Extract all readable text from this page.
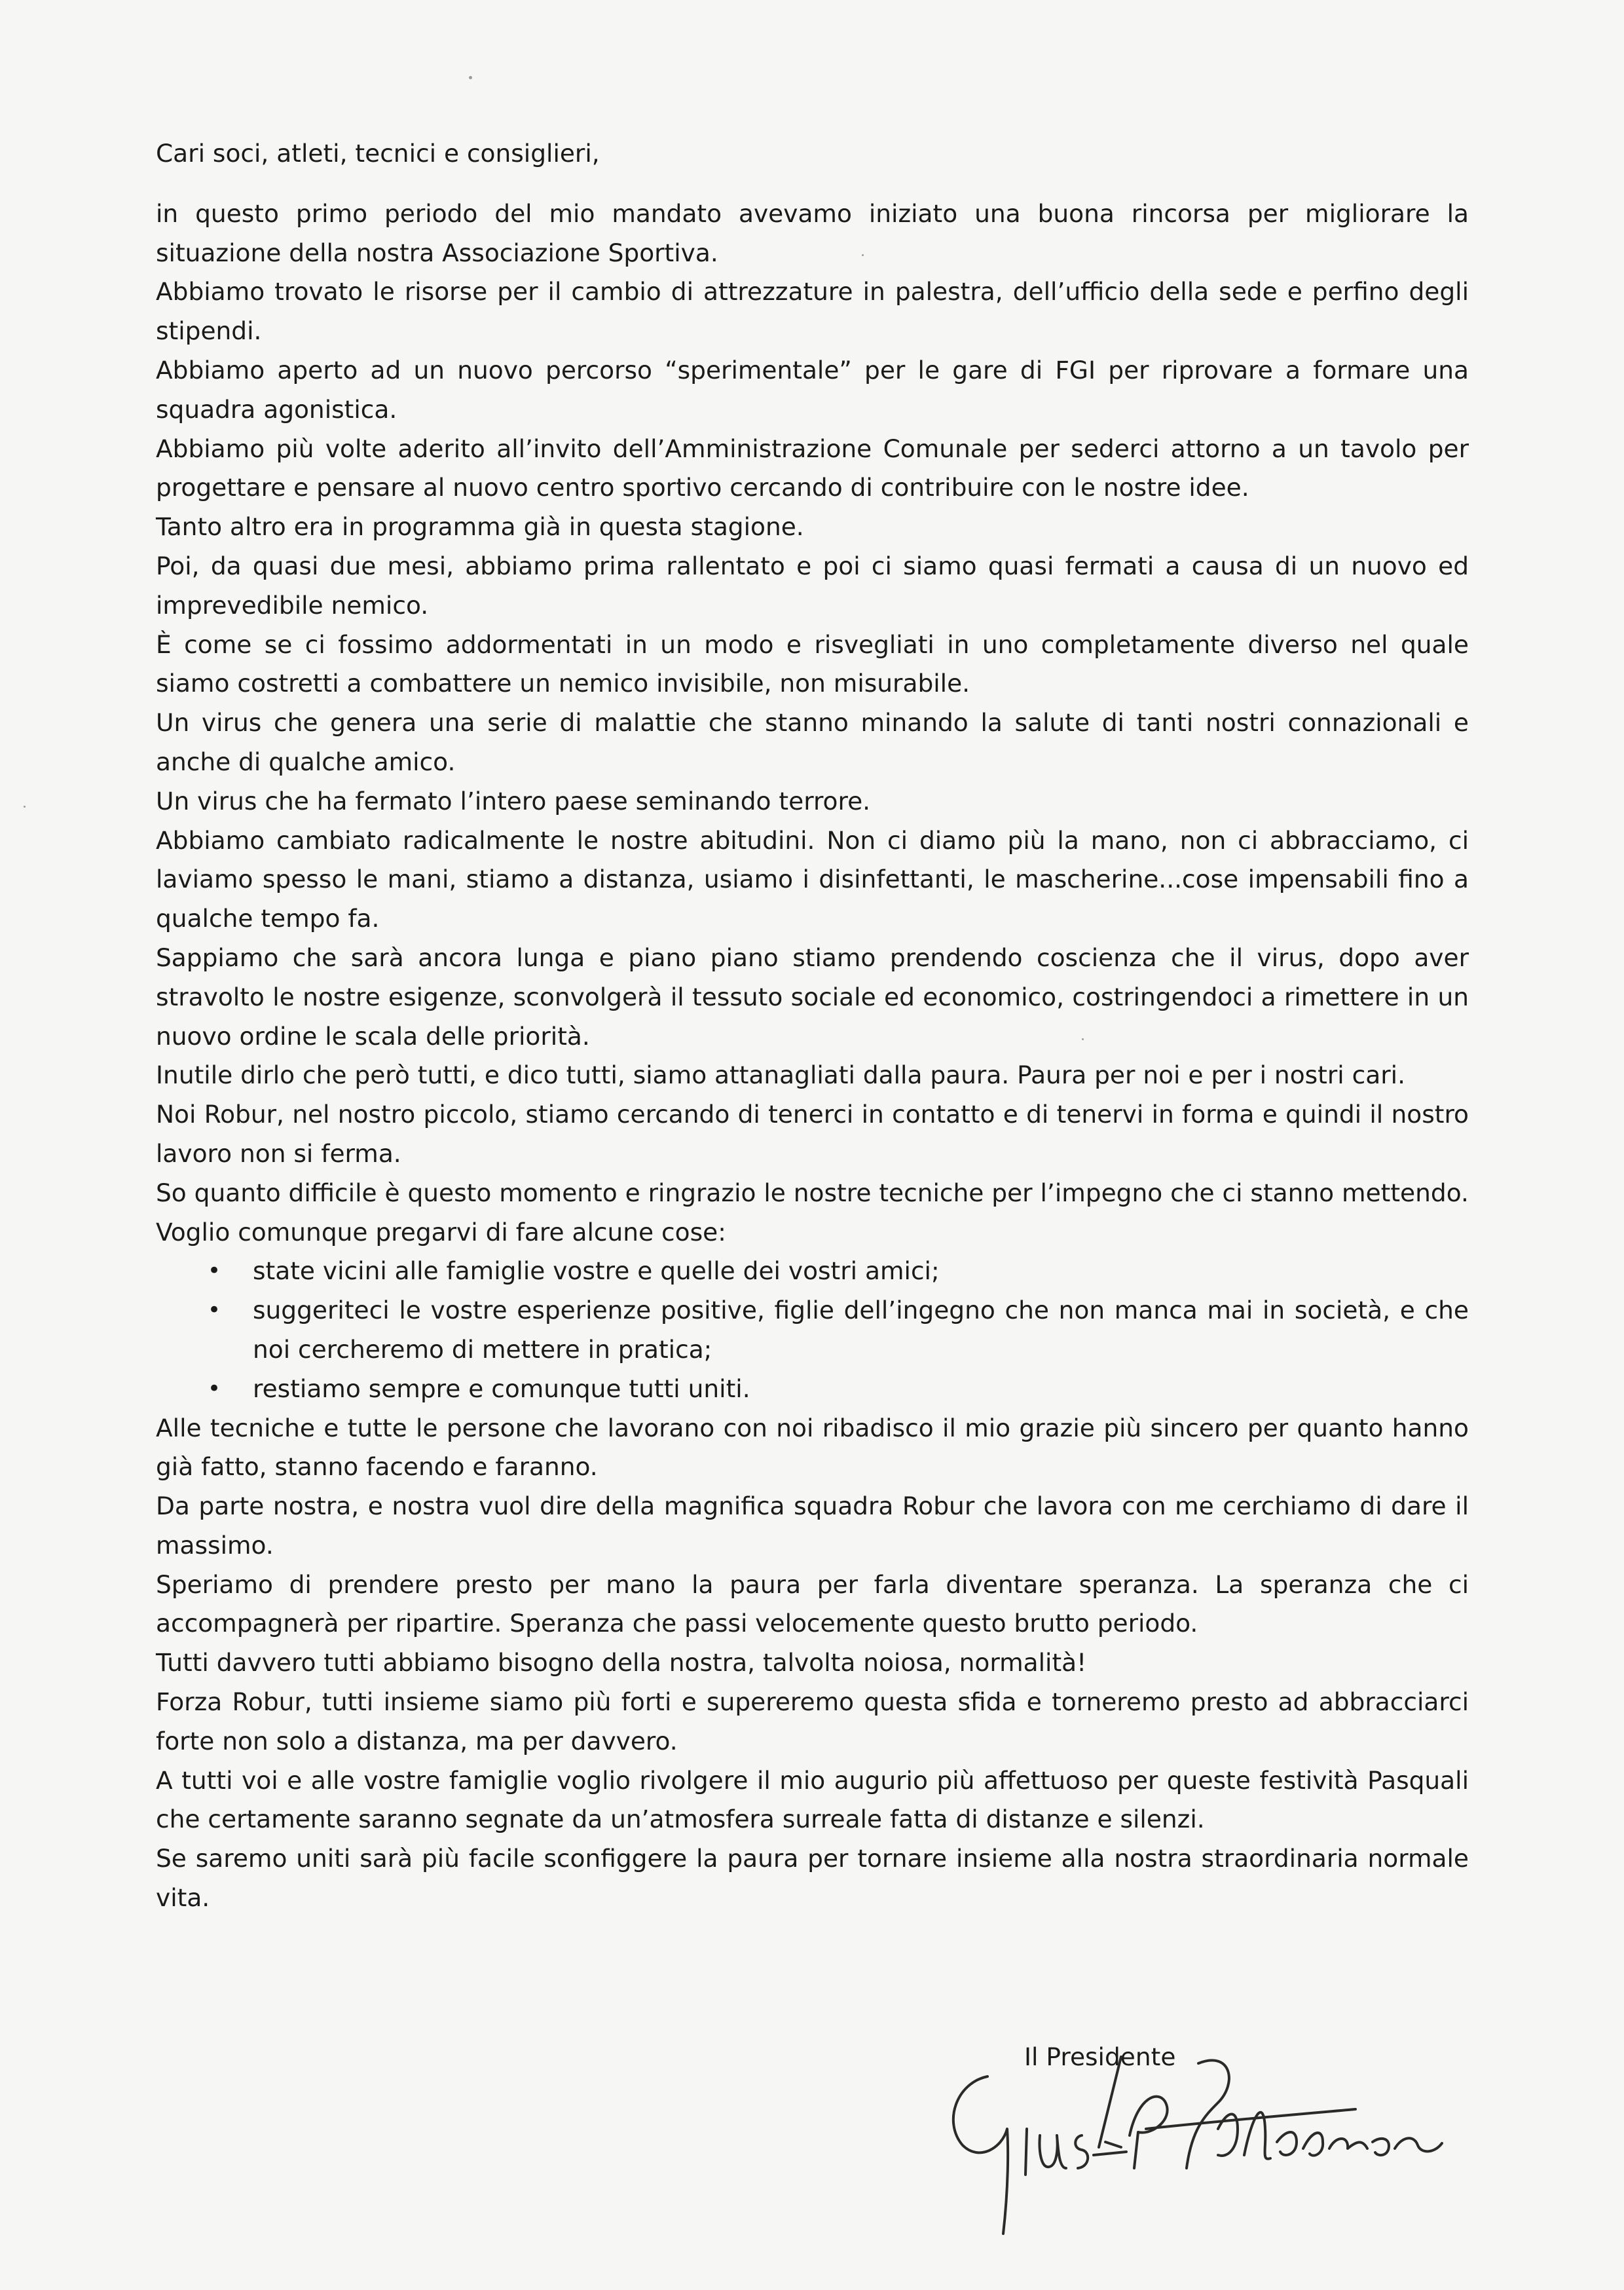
Cari soci, atleti, tecnici e consiglieri,

in questo primo periodo del mio mandato avevamo iniziato una buona rincorsa per migliorare la situazione della nostra Associazione Sportiva.

Abbiamo trovato le risorse per il cambio di attrezzature in palestra, dell’ufficio della sede e perfino degli stipendi.

Abbiamo aperto ad un nuovo percorso “sperimentale” per le gare di FGI per riprovare a formare una squadra agonistica.

Abbiamo più volte aderito all’invito dell’Amministrazione Comunale per sederci attorno a un tavolo per progettare e pensare al nuovo centro sportivo cercando di contribuire con le nostre idee.

Tanto altro era in programma già in questa stagione.

Poi, da quasi due mesi, abbiamo prima rallentato e poi ci siamo quasi fermati a causa di un nuovo ed imprevedibile nemico.

È come se ci fossimo addormentati in un modo e risvegliati in uno completamente diverso nel quale siamo costretti a combattere un nemico invisibile, non misurabile.

Un virus che genera una serie di malattie che stanno minando la salute di tanti nostri connazionali e anche di qualche amico.

Un virus che ha fermato l’intero paese seminando terrore.

Abbiamo cambiato radicalmente le nostre abitudini. Non ci diamo più la mano, non ci abbracciamo, ci laviamo spesso le mani, stiamo a distanza, usiamo i disinfettanti, le mascherine...cose impensabili fino a qualche tempo fa.

Sappiamo che sarà ancora lunga e piano piano stiamo prendendo coscienza che il virus, dopo aver stravolto le nostre esigenze, sconvolgerà il tessuto sociale ed economico, costringendoci a rimettere in un nuovo ordine le scala delle priorità.

Inutile dirlo che però tutti, e dico tutti, siamo attanagliati dalla paura. Paura per noi e per i nostri cari.

Noi Robur, nel nostro piccolo, stiamo cercando di tenerci in contatto e di tenervi in forma e quindi il nostro lavoro non si ferma.

So quanto difficile è questo momento e ringrazio le nostre tecniche per l’impegno che ci stanno mettendo.

Voglio comunque pregarvi di fare alcune cose:

• state vicini alle famiglie vostre e quelle dei vostri amici;
• suggeriteci le vostre esperienze positive, figlie dell’ingegno che non manca mai in società, e che noi cercheremo di mettere in pratica;
• restiamo sempre e comunque tutti uniti.

Alle tecniche e tutte le persone che lavorano con noi ribadisco il mio grazie più sincero per quanto hanno già fatto, stanno facendo e faranno.

Da parte nostra, e nostra vuol dire della magnifica squadra Robur che lavora con me cerchiamo di dare il massimo.

Speriamo di prendere presto per mano la paura per farla diventare speranza. La speranza che ci accompagnerà per ripartire. Speranza che passi velocemente questo brutto periodo.

Tutti davvero tutti abbiamo bisogno della nostra, talvolta noiosa, normalità!

Forza Robur, tutti insieme siamo più forti e supereremo questa sfida e torneremo presto ad abbracciarci forte non solo a distanza, ma per davvero.

A tutti voi e alle vostre famiglie voglio rivolgere il mio augurio più affettuoso per queste festività Pasquali che certamente saranno segnate da un’atmosfera surreale fatta di distanze e silenzi.

Se saremo uniti sarà più facile sconfiggere la paura per tornare insieme alla nostra straordinaria normale vita.

Il Presidente
